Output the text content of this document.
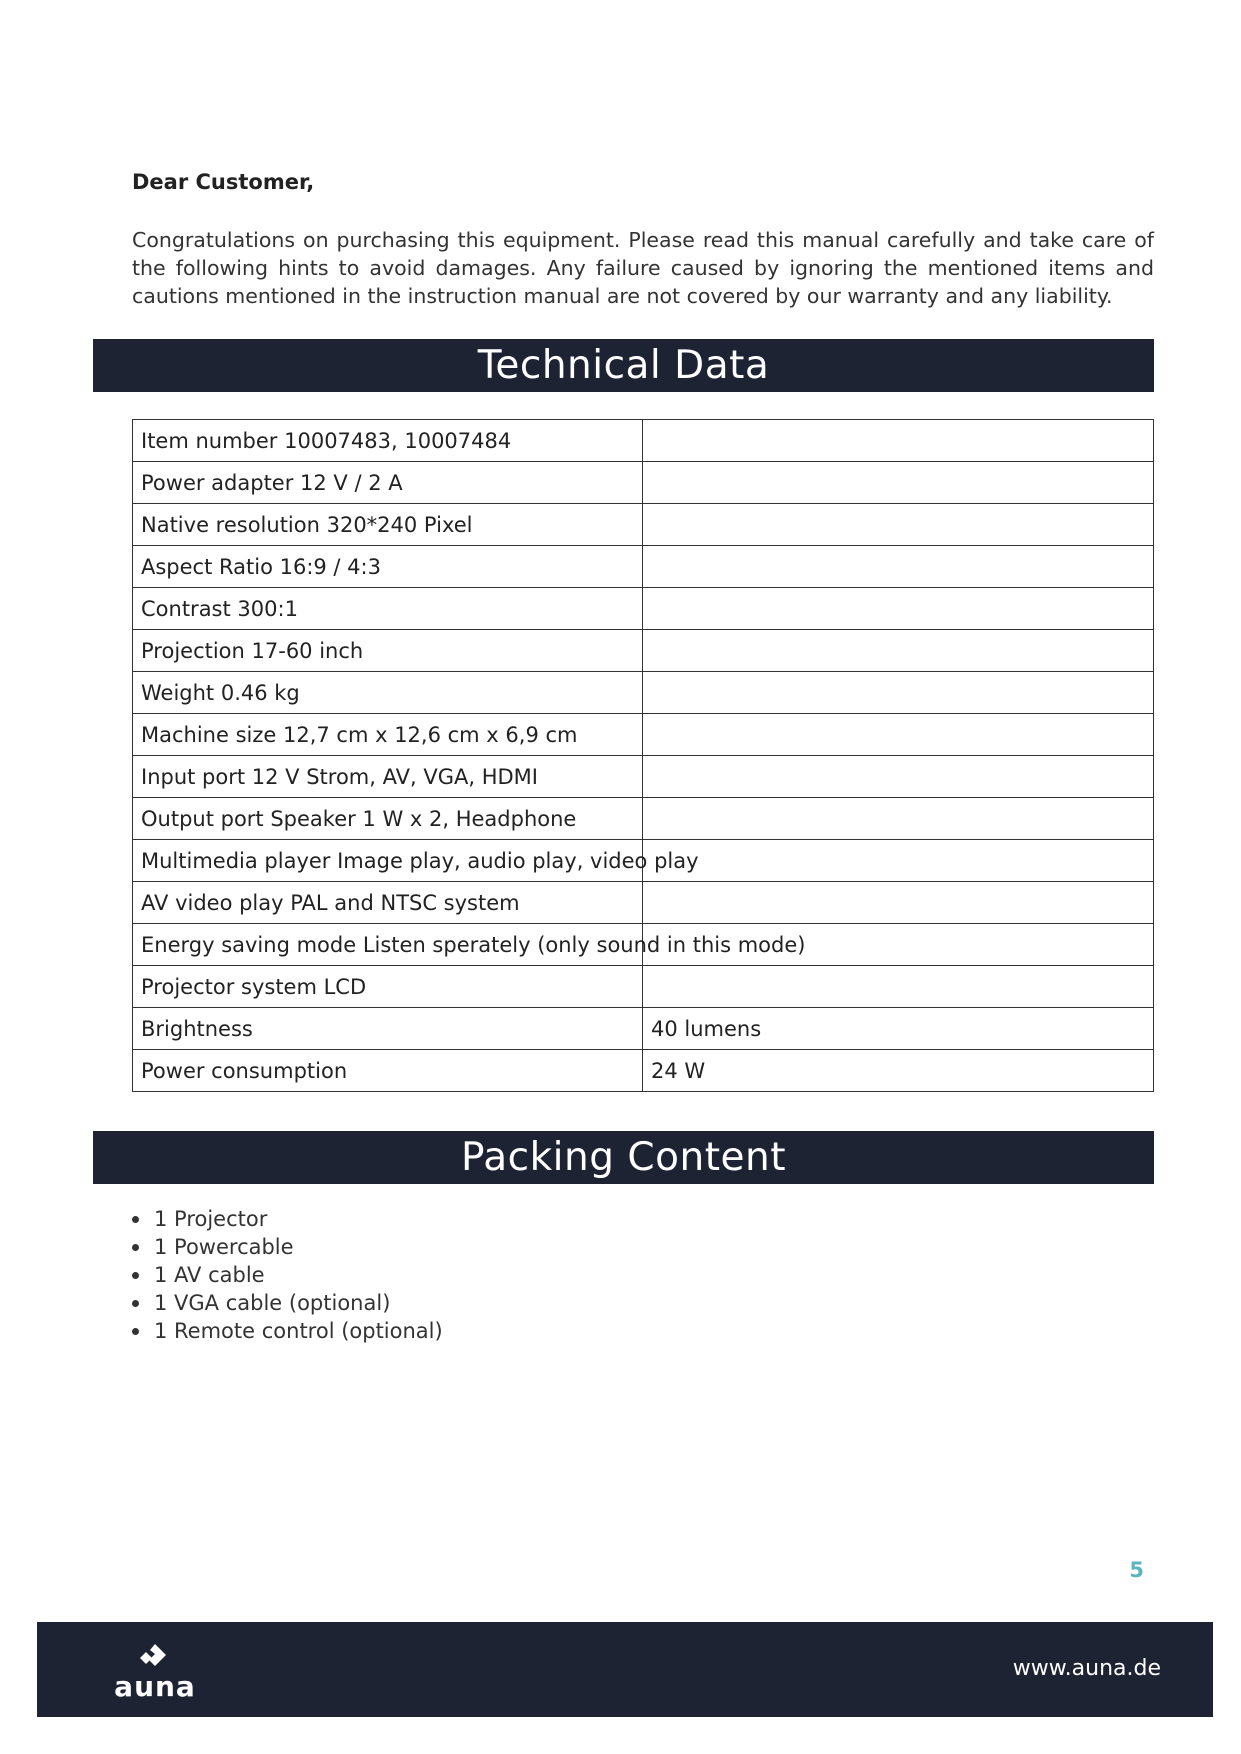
Dear Customer,
Congratulations on purchasing this equipment. Please read this manual carefully and take care of the following hints to avoid damages. Any failure caused by ignoring the mentioned items and cautions mentioned in the instruction manual are not covered by our warranty and any liability.
Technical Data
Item number 10007483, 10007484	
Power adapter 12 V / 2 A	
Native resolution 320*240 Pixel	
Aspect Ratio 16:9 / 4:3	
Contrast 300:1	
Projection 17-60 inch	
Weight 0.46 kg	
Machine size 12,7 cm x 12,6 cm x 6,9 cm	
Input port 12 V Strom, AV, VGA, HDMI	
Output port Speaker 1 W x 2, Headphone	
Multimedia player Image play, audio play, video play	
AV video play PAL and NTSC system	
Energy saving mode Listen sperately (only sound in this mode)	
Projector system LCD	
Brightness	40 lumens
Power consumption	24 W
Packing Content
1 Projector
1 Powercable
1 AV cable
1 VGA cable (optional)
1 Remote control (optional)
5
auna
www.auna.de
